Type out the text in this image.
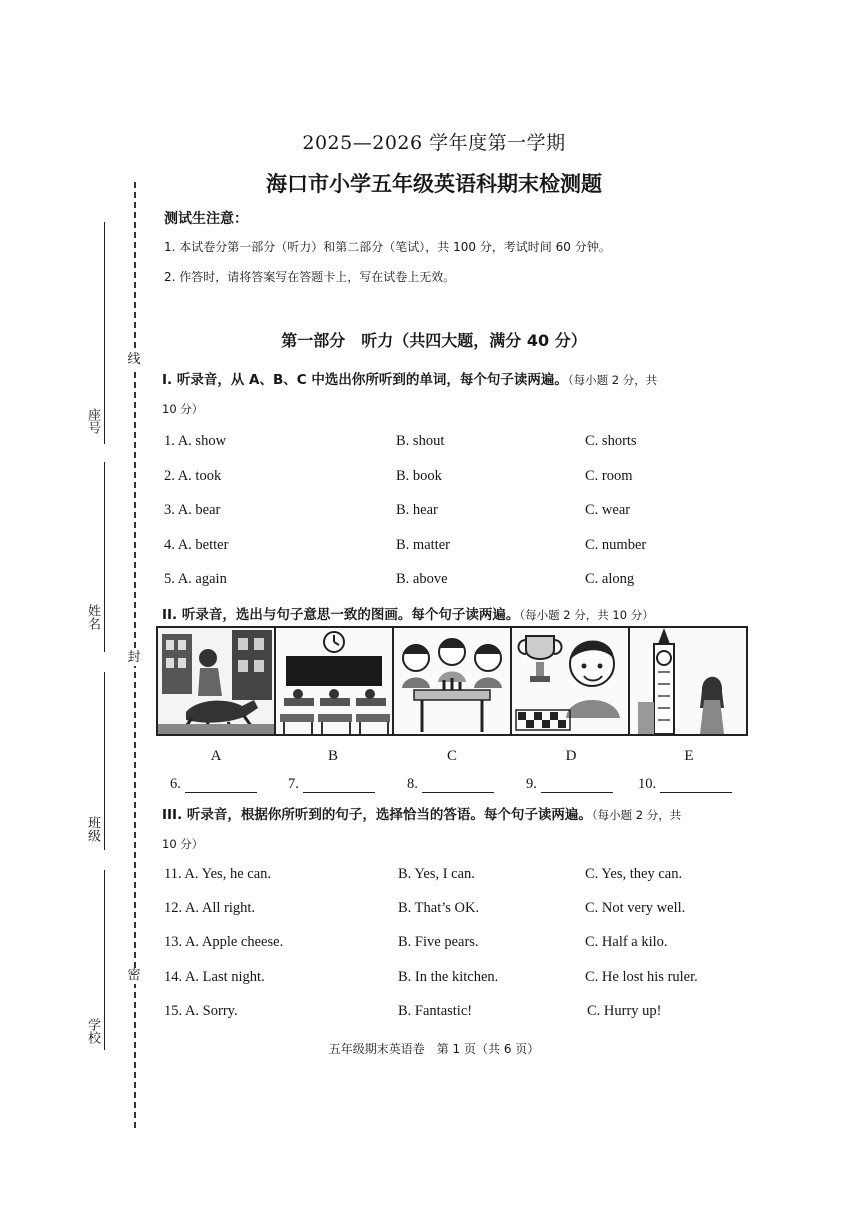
线
封
密
座号
姓名
班级
学校
2025—2026 学年度第一学期
海口市小学五年级英语科期末检测题
测试生注意：
1. 本试卷分第一部分（听力）和第二部分（笔试），共 100 分，考试时间 60 分钟。
2. 作答时，请将答案写在答题卡上，写在试卷上无效。
第一部分　听力（共四大题，满分 40 分）
I. 听录音，从 A、B、C 中选出你所听到的单词，每个句子读两遍。（每小题 2 分，共
10 分）
1. A. show	B. shout	C. shorts
2. A. took	B. book	C. room
3. A. bear	B. hear	C. wear
4. A. better	B. matter	C. number
5. A. again	B. above	C. along
II. 听录音，选出与句子意思一致的图画。每个句子读两遍。（每小题 2 分，共 10 分）
A	B	C	D	E
6.	7.	8.	9.	10.
III. 听录音，根据你所听到的句子，选择恰当的答语。每个句子读两遍。（每小题 2 分，共
10 分）
11. A. Yes, he can.	B. Yes, I can.	C. Yes, they can.
12. A. All right.	B. That’s OK.	C. Not very well.
13. A. Apple cheese.	B. Five pears.	C. Half a kilo.
14. A. Last night.	B. In the kitchen.	C. He lost his ruler.
15. A. Sorry.	B. Fantastic!	C. Hurry up!
五年级期末英语卷　第 1 页（共 6 页）
